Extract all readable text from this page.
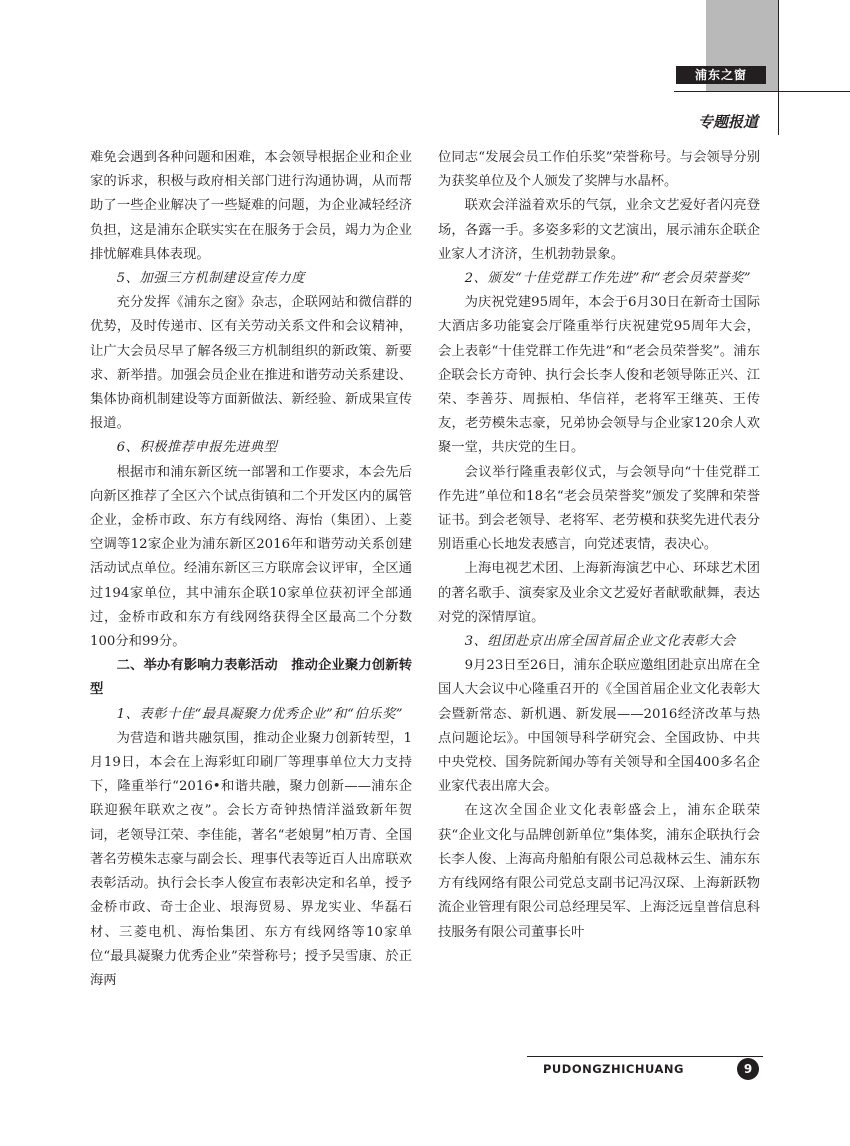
浦东之窗
专题报道

难免会遇到各种问题和困难，本会领导根据企业和企业家的诉求，积极与政府相关部门进行沟通协调，从而帮助了一些企业解决了一些疑难的问题，为企业减轻经济负担，这是浦东企联实实在在服务于会员，竭力为企业排忧解难具体表现。

5、加强三方机制建设宣传力度

充分发挥《浦东之窗》杂志，企联网站和微信群的优势，及时传递市、区有关劳动关系文件和会议精神，让广大会员尽早了解各级三方机制组织的新政策、新要求、新举措。加强会员企业在推进和谐劳动关系建设、集体协商机制建设等方面新做法、新经验、新成果宣传报道。

6、积极推荐申报先进典型

根据市和浦东新区统一部署和工作要求，本会先后向新区推荐了全区六个试点街镇和二个开发区内的属管企业，金桥市政、东方有线网络、海怡（集团）、上菱空调等12家企业为浦东新区2016年和谐劳动关系创建活动试点单位。经浦东新区三方联席会议评审，全区通过194家单位，其中浦东企联10家单位获初评全部通过，金桥市政和东方有线网络获得全区最高二个分数100分和99分。

二、举办有影响力表彰活动　推动企业聚力创新转型

1、表彰十佳“最具凝聚力优秀企业”和“伯乐奖”

为营造和谐共融氛围，推动企业聚力创新转型，1月19日，本会在上海彩虹印刷厂等理事单位大力支持下，隆重举行“2016•和谐共融，聚力创新——浦东企联迎猴年联欢之夜”。会长方奇钟热情洋溢致新年贺词，老领导江荣、李佳能，著名“老娘舅”柏万青、全国著名劳模朱志豪与副会长、理事代表等近百人出席联欢表彰活动。执行会长李人俊宣布表彰决定和名单，授予金桥市政、奇士企业、垠海贸易、界龙实业、华磊石材、三菱电机、海怡集团、东方有线网络等10家单位“最具凝聚力优秀企业”荣誉称号；授予吴雪康、於正海两

位同志“发展会员工作伯乐奖”荣誉称号。与会领导分别为获奖单位及个人颁发了奖牌与水晶杯。

联欢会洋溢着欢乐的气氛，业余文艺爱好者闪亮登场，各露一手。多姿多彩的文艺演出，展示浦东企联企业家人才济济，生机勃勃景象。

2、颁发“十佳党群工作先进”和“老会员荣誉奖”

为庆祝党建95周年，本会于6月30日在新奇士国际大酒店多功能宴会厅隆重举行庆祝建党95周年大会，会上表彰“十佳党群工作先进”和“老会员荣誉奖”。浦东企联会长方奇钟、执行会长李人俊和老领导陈正兴、江荣、李善芬、周振柏、华信祥，老将军王继英、王传友，老劳模朱志豪，兄弟协会领导与企业家120余人欢聚一堂，共庆党的生日。

会议举行隆重表彰仪式，与会领导向“十佳党群工作先进”单位和18名“老会员荣誉奖”颁发了奖牌和荣誉证书。到会老领导、老将军、老劳模和获奖先进代表分别语重心长地发表感言，向党述衷情，表决心。

上海电视艺术团、上海新海演艺中心、环球艺术团的著名歌手、演奏家及业余文艺爱好者献歌献舞，表达对党的深情厚谊。

3、组团赴京出席全国首届企业文化表彰大会

9月23日至26日，浦东企联应邀组团赴京出席在全国人大会议中心隆重召开的《全国首届企业文化表彰大会暨新常态、新机遇、新发展——2016经济改革与热点问题论坛》。中国领导科学研究会、全国政协、中共中央党校、国务院新闻办等有关领导和全国400多名企业家代表出席大会。

在这次全国企业文化表彰盛会上，浦东企联荣获“企业文化与品牌创新单位”集体奖，浦东企联执行会长李人俊、上海高舟船舶有限公司总裁林云生、浦东东方有线网络有限公司党总支副书记冯汉琛、上海新跃物流企业管理有限公司总经理吴军、上海泛远皇普信息科技服务有限公司董事长叶

PUDONGZHICHUANG	9
